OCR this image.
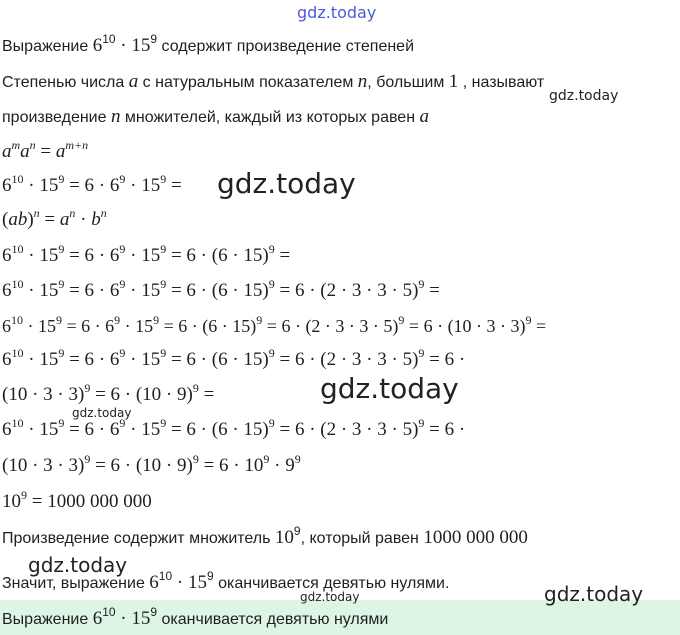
gdz.today
Выражение $6^{10} \cdot 15^9$ содержит произведение степеней
Степенью числа a с натуральным показателем n, большим 1 , называют
gdz.today
произведение n множителей, каждый из которых равен a
$a^ma^n = a^{m+n}$
$6^{10} \cdot 15^9 = 6 \cdot 6^9 \cdot 15^9$ = gdz.today
$(ab)^n = a^n \cdot b^n$
$6^{10} \cdot 15^9 = 6 \cdot 6^9 \cdot 15^9 = 6 \cdot (6 \cdot 15)^9$ =
$6^{10} \cdot 15^9 = 6 \cdot 6^9 \cdot 15^9 = 6 \cdot (6 \cdot 15)^9 = 6 \cdot (2 \cdot 3 \cdot 3 \cdot 5)^9$ =
$6^{10} \cdot 15^9 = 6 \cdot 6^9 \cdot 15^9 = 6 \cdot (6 \cdot 15)^9 = 6 \cdot (2 \cdot 3 \cdot 3 \cdot 5)^9 = 6 \cdot (10 \cdot 3 \cdot 3)^9$ =
$6^{10} \cdot 15^9 = 6 \cdot 6^9 \cdot 15^9 = 6 \cdot (6 \cdot 15)^9 = 6 \cdot (2 \cdot 3 \cdot 3 \cdot 5)^9 = 6$ ·
$(10 \cdot 3 \cdot 3)^9 = 6 \cdot (10 \cdot 9)^9$ =	gdz.today
gdz.today
$6^{10} \cdot 15^9 = 6 \cdot 6^9 \cdot 15^9 = 6 \cdot (6 \cdot 15)^9 = 6 \cdot (2 \cdot 3 \cdot 3 \cdot 5)^9 = 6$ ·
$(10 \cdot 3 \cdot 3)^9 = 6 \cdot (10 \cdot 9)^9 = 6 \cdot 10^9 \cdot 9^9$
$10^9 = 1000$ 000 000
Произведение содержит множитель $10^9$, который равен 1000 000 000
gdz.today
Значит, выражение $6^{10} \cdot 15^9$ оканчивается девятью нулями.	gdz.today
gdz.today
Выражение $6^{10} \cdot 15^9$ оканчивается девятью нулями
